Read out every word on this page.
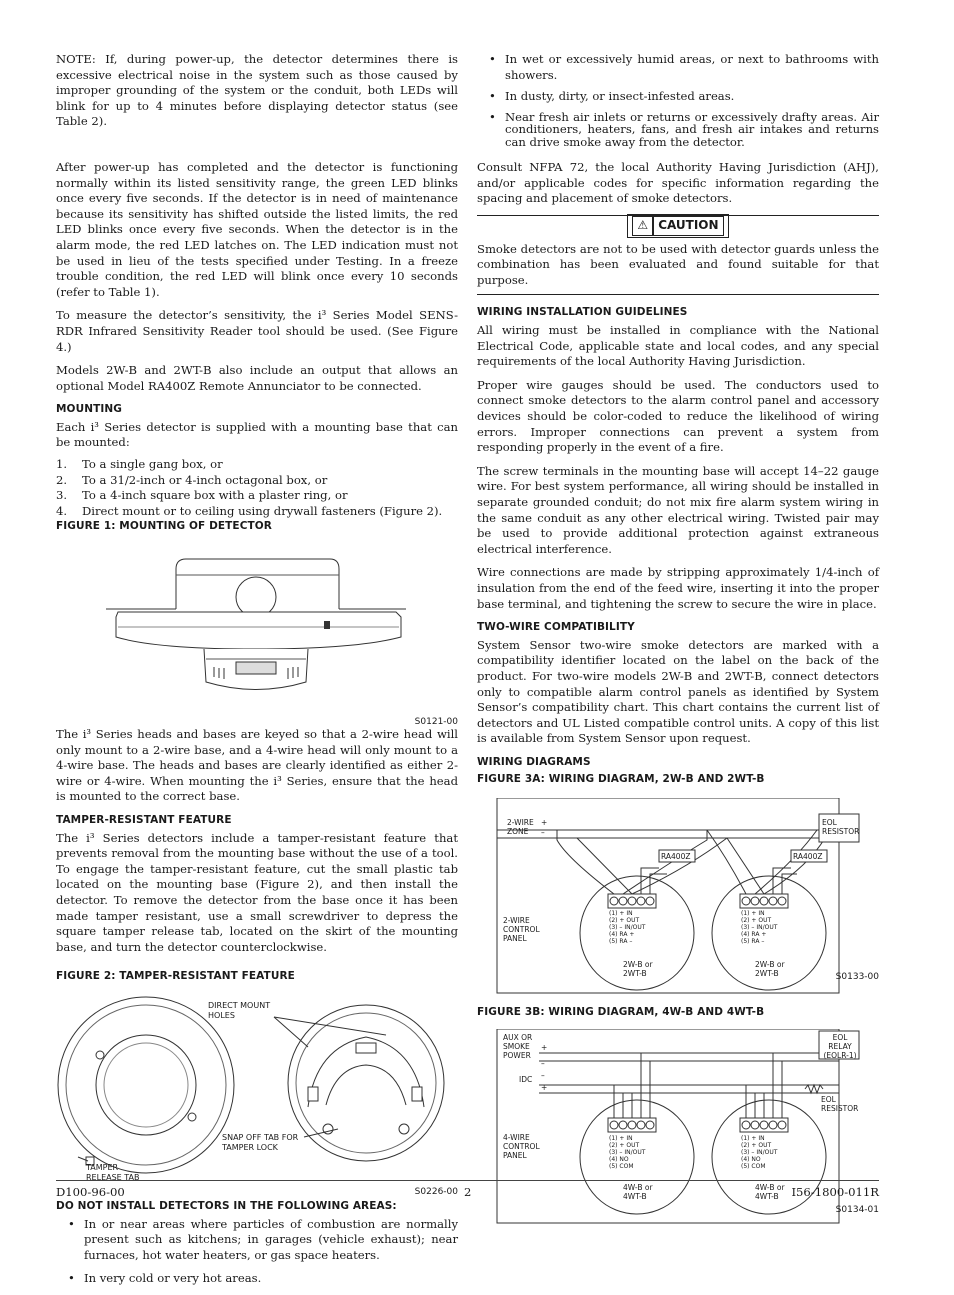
NOTE: If, during power-up, the detector determines there is excessive electrical noise in the system such as those caused by improper grounding of the system or the conduit, both LEDs will blink for up to 4 minutes before displaying detector status (see Table 2).

After power-up has completed and the detector is functioning normally within its listed sensitivity range, the green LED blinks once every five seconds. If the detector is in need of maintenance because its sensitivity has shifted outside the listed limits, the red LED blinks once every five seconds. When the detector is in the alarm mode, the red LED latches on. The LED indication must not be used in lieu of the tests specified under Testing. In a freeze trouble condition, the red LED will blink once every 10 seconds (refer to Table 1).

To measure the detector’s sensitivity, the i³ Series Model SENS-RDR Infrared Sensitivity Reader tool should be used. (See Figure 4.)

Models 2W-B and 2WT-B also include an output that allows an optional Model RA400Z Remote Annunciator to be connected.

MOUNTING

Each i³ Series detector is supplied with a mounting base that can be mounted:

1. To a single gang box, or
2. To a 31/2-inch or 4-inch octagonal box, or
3. To a 4-inch square box with a plaster ring, or
4. Direct mount or to ceiling using drywall fasteners (Figure 2).
FIGURE 1: MOUNTING OF DETECTOR
S0121-00

The i³ Series heads and bases are keyed so that a 2-wire head will only mount to a 2-wire base, and a 4-wire head will only mount to a 4-wire base. The heads and bases are clearly identified as either 2-wire or 4-wire. When mounting the i³ Series, ensure that the head is mounted to the correct base.

TAMPER-RESISTANT FEATURE

The i³ Series detectors include a tamper-resistant feature that prevents removal from the mounting base without the use of a tool. To engage the tamper-resistant feature, cut the small plastic tab located on the mounting base (Figure 2), and then install the detector. To remove the detector from the base once it has been made tamper resistant, use a small screwdriver to depress the square tamper release tab, located on the skirt of the mounting base, and turn the detector counterclockwise.

FIGURE 2: TAMPER-RESISTANT FEATURE
DIRECT MOUNT HOLES
SNAP OFF TAB FOR TAMPER LOCK
TAMPER RELEASE TAB
S0226-00
DO NOT INSTALL DETECTORS IN THE FOLLOWING AREAS:
• In or near areas where particles of combustion are normally present such as kitchens; in garages (vehicle exhaust); near furnaces, hot water heaters, or gas space heaters.
• In very cold or very hot areas.
• In wet or excessively humid areas, or next to bathrooms with showers.
• In dusty, dirty, or insect-infested areas.
• Near fresh air inlets or returns or excessively drafty areas. Air conditioners, heaters, fans, and fresh air intakes and returns can drive smoke away from the detector.

Consult NFPA 72, the local Authority Having Jurisdiction (AHJ), and/or applicable codes for specific information regarding the spacing and placement of smoke detectors.

⚠ CAUTION

Smoke detectors are not to be used with detector guards unless the combination has been evaluated and found suitable for that purpose.

WIRING INSTALLATION GUIDELINES

All wiring must be installed in compliance with the National Electrical Code, applicable state and local codes, and any special requirements of the local Authority Having Jurisdiction.

Proper wire gauges should be used. The conductors used to connect smoke detectors to the alarm control panel and accessory devices should be color-coded to reduce the likelihood of wiring errors. Improper connections can prevent a system from responding properly in the event of a fire.

The screw terminals in the mounting base will accept 14–22 gauge wire. For best system performance, all wiring should be installed in separate grounded conduit; do not mix fire alarm system wiring in the same conduit as any other electrical wiring. Twisted pair may be used to provide additional protection against extraneous electrical interference.

Wire connections are made by stripping approximately 1/4-inch of insulation from the end of the feed wire, inserting it into the proper base terminal, and tightening the screw to secure the wire in place.

TWO-WIRE COMPATIBILITY

System Sensor two-wire smoke detectors are marked with a compatibility identifier located on the label on the back of the product. For two-wire models 2W-B and 2WT-B, connect detectors only to compatible alarm control panels as identified by System Sensor’s compatibility chart. This chart contains the current list of detectors and UL Listed compatible control units. A copy of this list is available from System Sensor upon request.

WIRING DIAGRAMS
FIGURE 3A: WIRING DIAGRAM, 2W-B AND 2WT-B
2-WIRE ZONE
+
–
2-WIRE CONTROL PANEL
EOL RESISTOR
RA400Z	RA400Z
2W-B or 2WT-B
2W-B or 2WT-B
(1) + IN
(2) + OUT
(3) – IN/OUT
(4) RA +
(5) RA –
(1) + IN
(2) + OUT
(3) – IN/OUT
(4) RA +
(5) RA –
S0133-00
FIGURE 3B: WIRING DIAGRAM, 4W-B AND 4WT-B
AUX OR SMOKE POWER
+
–
IDC –
+
4-WIRE CONTROL PANEL
EOL RELAY (EOLR-1)
EOL RESISTOR
4W-B or 4WT-B
4W-B or 4WT-B
(1) + IN
(2) + OUT
(3) – IN/OUT
(4) NO
(5) COM
(1) + IN
(2) + OUT
(3) – IN/OUT
(4) NO
(5) COM
S0134-01
D100-96-00	2	I56-1800-011R
